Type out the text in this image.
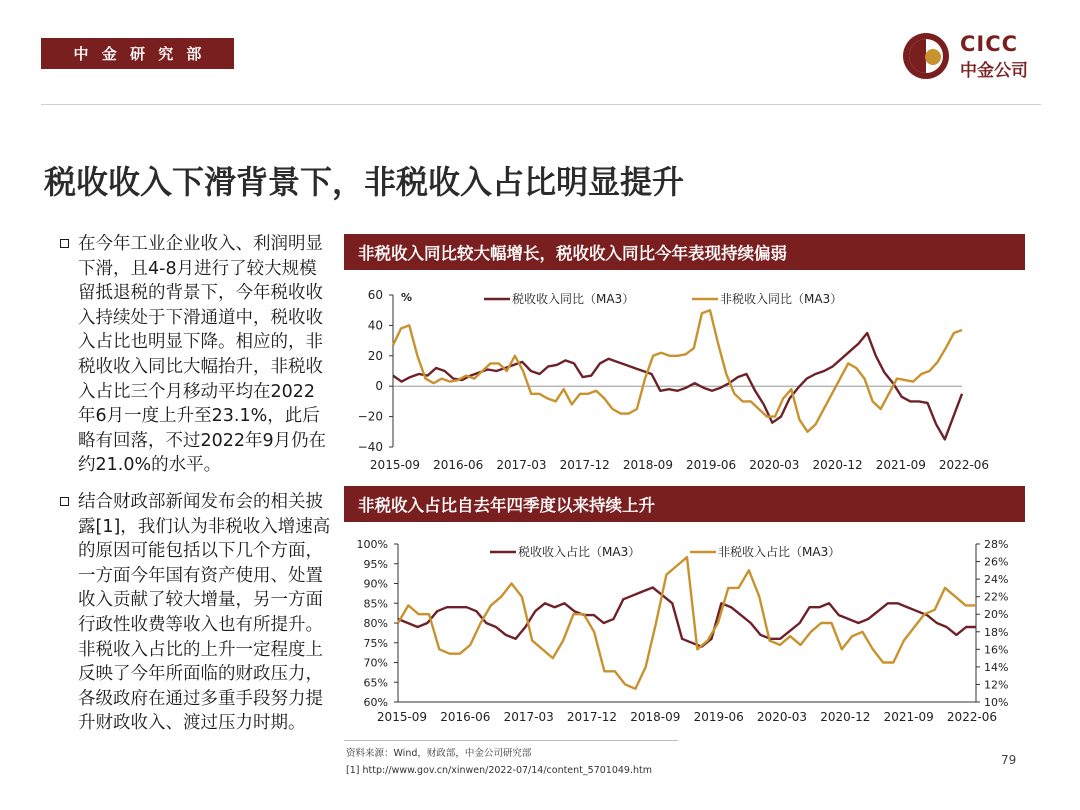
中 金 研 究 部	CICC
中金公司
税收收入下滑背景下，非税收入占比明显提升
在今年工业企业收入、利润明显下滑，且4-8月进行了较大规模留抵退税的背景下，今年税收收入持续处于下滑通道中，税收收入占比也明显下降。相应的，非税收收入同比大幅抬升，非税收入占比三个月移动平均在2022年6月一度上升至23.1%，此后略有回落，不过2022年9月仍在约21.0%的水平。
结合财政部新闻发布会的相关披露[1]，我们认为非税收入增速高的原因可能包括以下几个方面，一方面今年国有资产使用、处置收入贡献了较大增量，另一方面行政性收费等收入也有所提升。非税收入占比的上升一定程度上反映了今年所面临的财政压力，各级政府在通过多重手段努力提升财政收入、渡过压力时期。
非税收入同比较大幅增长，税收收入同比今年表现持续偏弱
60
40
20
0
−20
−40
%
2015-09 2016-06 2017-03 2017-12 2018-09 2019-06 2020-03 2020-12 2021-09 2022-06
税收收入同比（MA3）	非税收入同比（MA3）
非税收入占比自去年四季度以来持续上升
100%
95%
90%
85%
80%
75%
70%
65%
60%
28%
26%
24%
22%
20%
18%
16%
14%
12%
10%
2015-09 2016-06 2017-03 2017-12 2018-09 2019-06 2020-03 2020-12 2021-09 2022-06
税收收入占比（MA3）	非税收入占比（MA3）
资料来源：Wind，财政部，中金公司研究部
[1] http://www.gov.cn/xinwen/2022-07/14/content_5701049.htm
79
